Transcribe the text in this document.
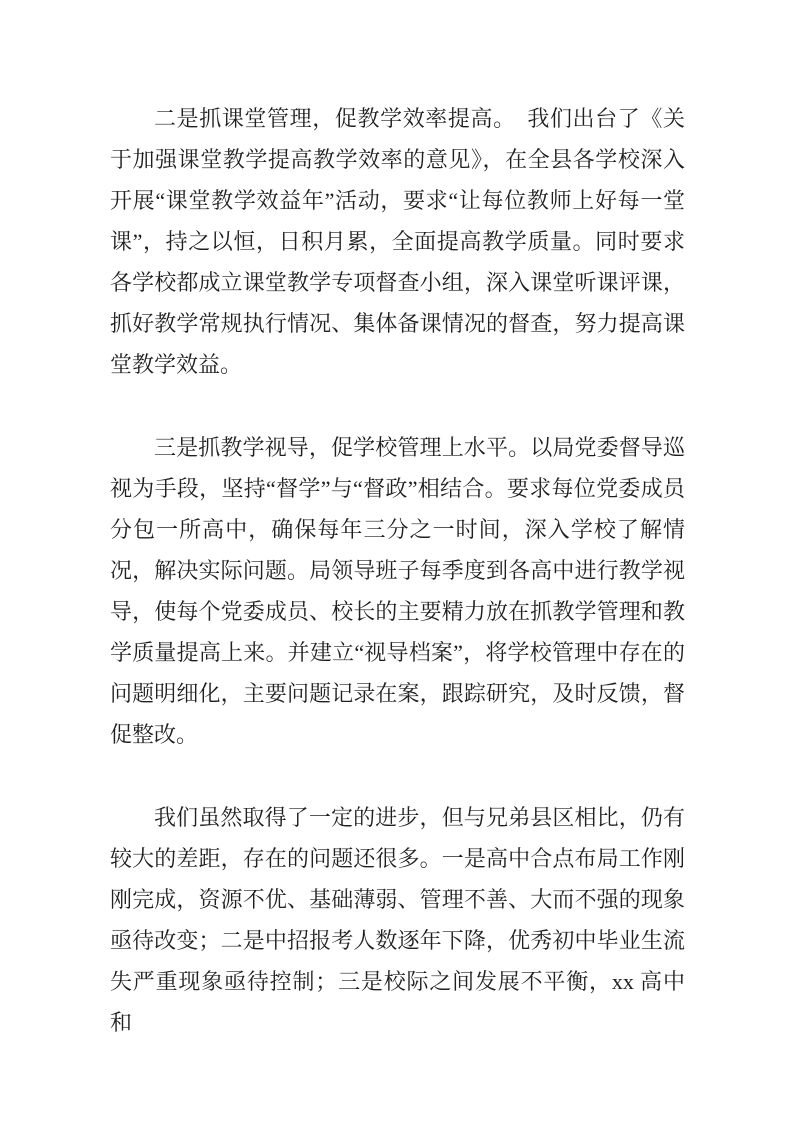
二是抓课堂管理，促教学效率提高。　我们出台了《关于加强课堂教学提高教学效率的意见》，在全县各学校深入开展“课堂教学效益年”活动，要求“让每位教师上好每一堂课”，持之以恒，日积月累，全面提高教学质量。同时要求各学校都成立课堂教学专项督查小组，深入课堂听课评课，抓好教学常规执行情况、集体备课情况的督查，努力提高课堂教学效益。

三是抓教学视导，促学校管理上水平。以局党委督导巡视为手段，坚持“督学”与“督政”相结合。要求每位党委成员分包一所高中，确保每年三分之一时间，深入学校了解情况，解决实际问题。局领导班子每季度到各高中进行教学视导，使每个党委成员、校长的主要精力放在抓教学管理和教学质量提高上来。并建立“视导档案”，将学校管理中存在的问题明细化，主要问题记录在案，跟踪研究，及时反馈，督促整改。

我们虽然取得了一定的进步，但与兄弟县区相比，仍有较大的差距，存在的问题还很多。一是高中合点布局工作刚刚完成，资源不优、基础薄弱、管理不善、大而不强的现象亟待改变；二是中招报考人数逐年下降，优秀初中毕业生流失严重现象亟待控制；三是校际之间发展不平衡，xx 高中和
